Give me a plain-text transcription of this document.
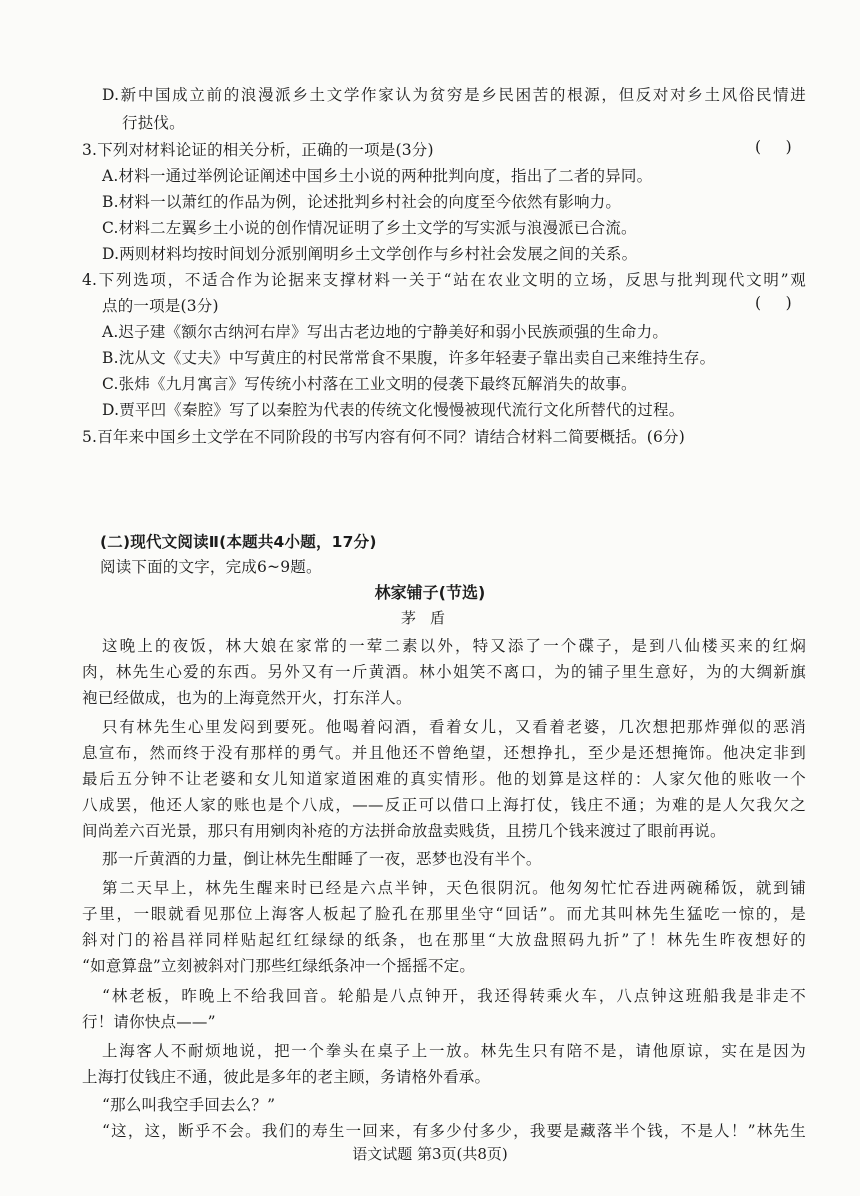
D.新中国成立前的浪漫派乡土文学作家认为贫穷是乡民困苦的根源，但反对对乡土风俗民情进
行挞伐。
3.下列对材料论证的相关分析，正确的一项是(3分)	(     )
A.材料一通过举例论证阐述中国乡土小说的两种批判向度，指出了二者的异同。
B.材料一以萧红的作品为例，论述批判乡村社会的向度至今依然有影响力。
C.材料二左翼乡土小说的创作情况证明了乡土文学的写实派与浪漫派已合流。
D.两则材料均按时间划分派别阐明乡土文学创作与乡村社会发展之间的关系。
4.下列选项，不适合作为论据来支撑材料一关于“站在农业文明的立场，反思与批判现代文明”观
点的一项是(3分)	(     )
A.迟子建《额尔古纳河右岸》写出古老边地的宁静美好和弱小民族顽强的生命力。
B.沈从文《丈夫》中写黄庄的村民常常食不果腹，许多年轻妻子靠出卖自己来维持生存。
C.张炜《九月寓言》写传统小村落在工业文明的侵袭下最终瓦解消失的故事。
D.贾平凹《秦腔》写了以秦腔为代表的传统文化慢慢被现代流行文化所替代的过程。
5.百年来中国乡土文学在不同阶段的书写内容有何不同？请结合材料二简要概括。(6分)
(二)现代文阅读Ⅱ(本题共4小题，17分)
阅读下面的文字，完成6~9题。
林家铺子(节选)
茅盾
这晚上的夜饭，林大娘在家常的一荤二素以外，特又添了一个碟子，是到八仙楼买来的红焖
肉，林先生心爱的东西。另外又有一斤黄酒。林小姐笑不离口，为的铺子里生意好，为的大绸新旗
袍已经做成，也为的上海竟然开火，打东洋人。
只有林先生心里发闷到要死。他喝着闷酒，看着女儿，又看着老婆，几次想把那炸弹似的恶消
息宣布，然而终于没有那样的勇气。并且他还不曾绝望，还想挣扎，至少是还想掩饰。他决定非到
最后五分钟不让老婆和女儿知道家道困难的真实情形。他的划算是这样的：人家欠他的账收一个
八成罢，他还人家的账也是个八成，——反正可以借口上海打仗，钱庄不通；为难的是人欠我欠之
间尚差六百光景，那只有用剜肉补疮的方法拼命放盘卖贱货，且捞几个钱来渡过了眼前再说。
那一斤黄酒的力量，倒让林先生酣睡了一夜，恶梦也没有半个。
第二天早上，林先生醒来时已经是六点半钟，天色很阴沉。他匆匆忙忙吞进两碗稀饭，就到铺
子里，一眼就看见那位上海客人板起了脸孔在那里坐守“回话”。而尤其叫林先生猛吃一惊的，是
斜对门的裕昌祥同样贴起红红绿绿的纸条，也在那里“大放盘照码九折”了！林先生昨夜想好的
“如意算盘”立刻被斜对门那些红绿纸条冲一个摇摇不定。
“林老板，昨晚上不给我回音。轮船是八点钟开，我还得转乘火车，八点钟这班船我是非走不
行！请你快点——”
上海客人不耐烦地说，把一个拳头在桌子上一放。林先生只有陪不是，请他原谅，实在是因为
上海打仗钱庄不通，彼此是多年的老主顾，务请格外看承。
“那么叫我空手回去么？”
“这，这，断乎不会。我们的寿生一回来，有多少付多少，我要是藏落半个钱，不是人！”林先生
语文试题 第3页(共8页)
